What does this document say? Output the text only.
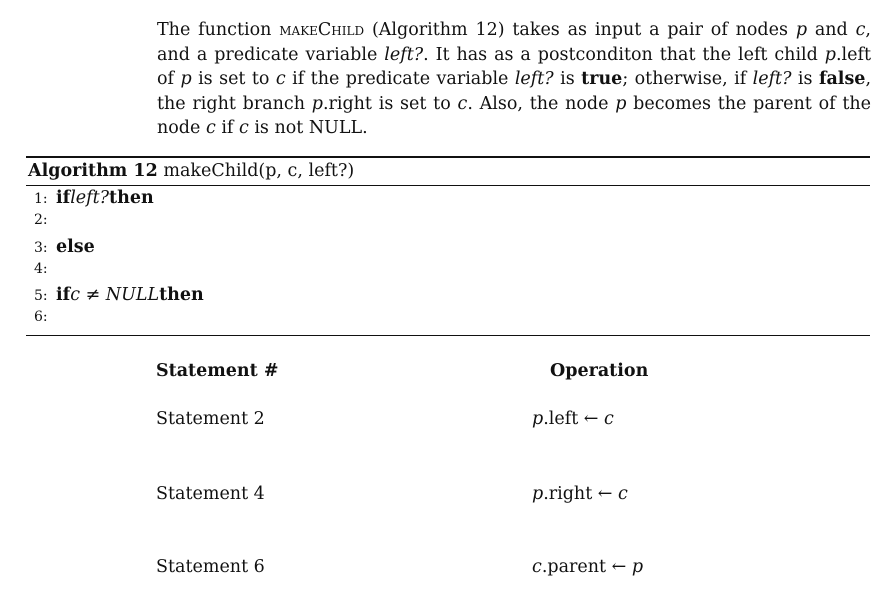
The function makeChild (Algorithm 12) takes as input a pair of nodes p and c, and a predicate variable left?. It has as a postconditon that the left child p.left of p is set to c if the predicate variable left? is true; otherwise, if left? is false, the right branch p.right is set to c. Also, the node p becomes the parent of the node c if c is not NULL.

Algorithm 12 makeChild(p, c, left?)
1: if left? then
2:
3: else
4:
5: if c ≠ NULL then
6:
Statement #	Operation
Statement 2	p.left ← c
Statement 4	p.right ← c
Statement 6	c.parent ← p
